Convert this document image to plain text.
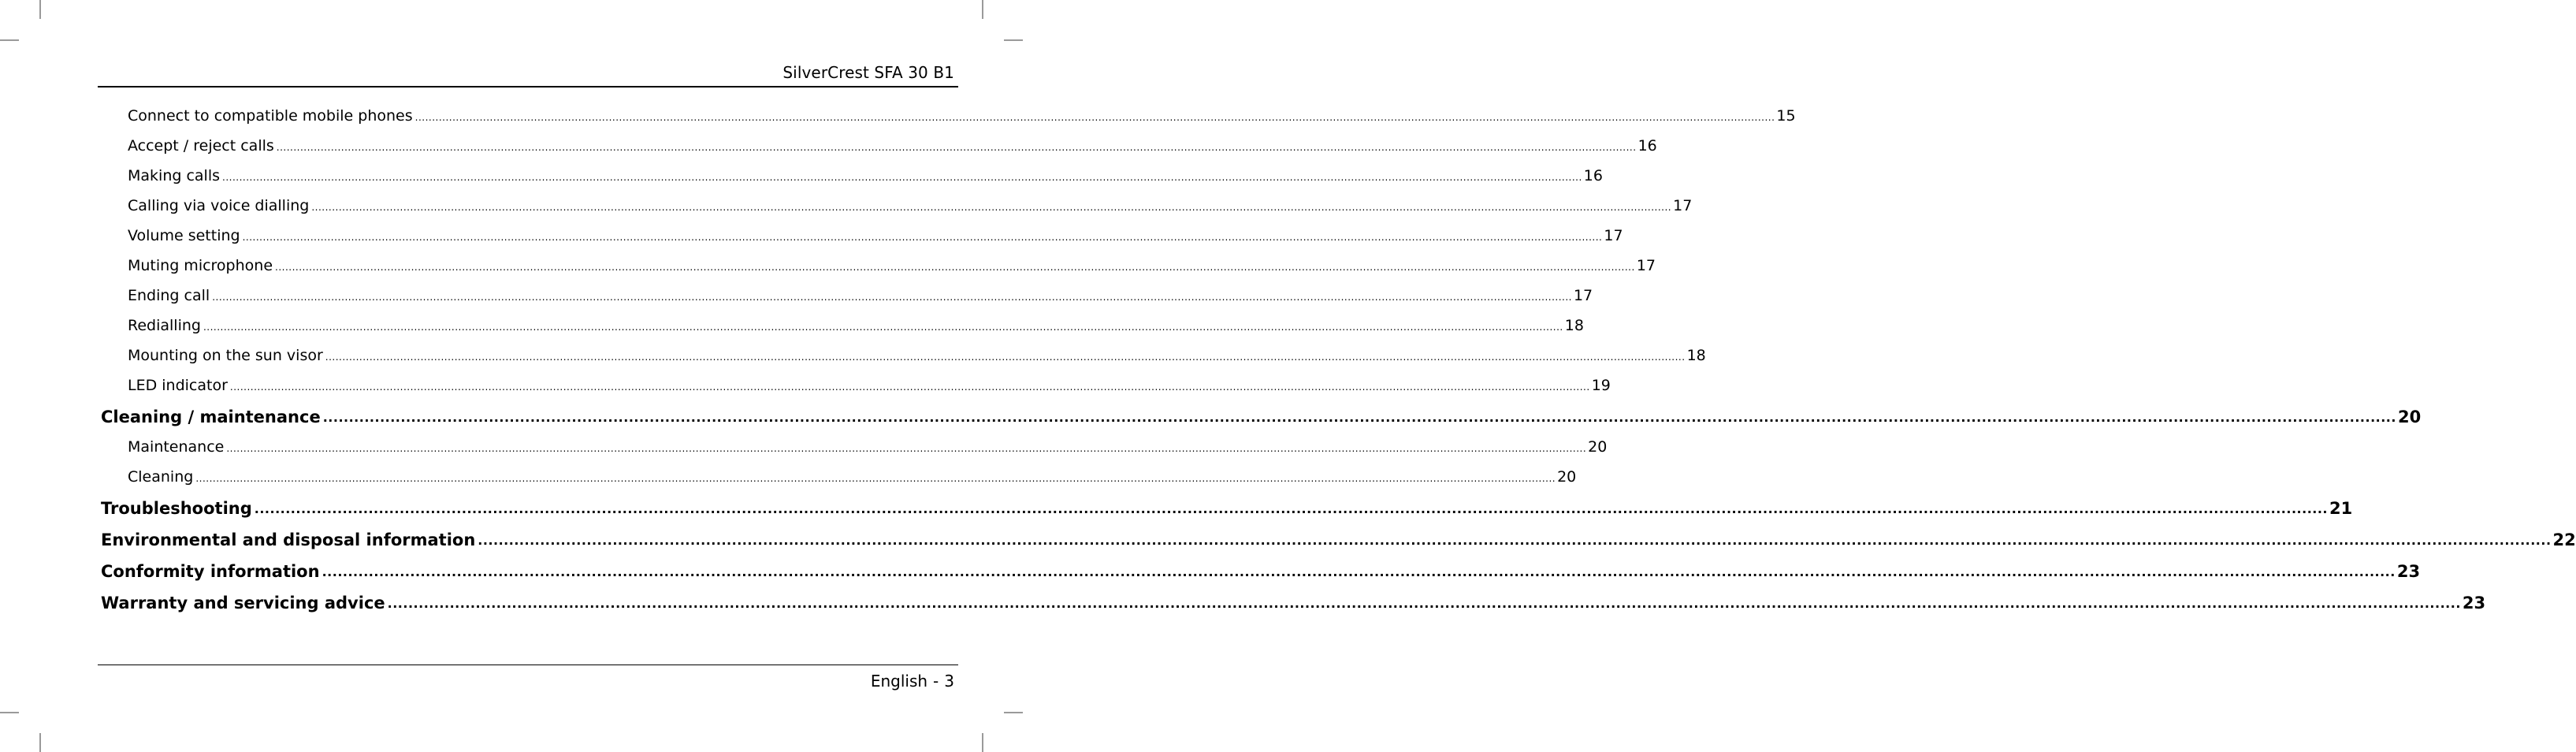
SilverCrest SFA 30 B1
Connect to compatible mobile phones ................................................................................................................................................................................................................................................................................................................................................................................................................ 15
Accept / reject calls ................................................................................................................................................................................................................................................................................................................................................................................................................ 16
Making calls ................................................................................................................................................................................................................................................................................................................................................................................................................ 16
Calling via voice dialling ................................................................................................................................................................................................................................................................................................................................................................................................................ 17
Volume setting ................................................................................................................................................................................................................................................................................................................................................................................................................ 17
Muting microphone ................................................................................................................................................................................................................................................................................................................................................................................................................ 17
Ending call ................................................................................................................................................................................................................................................................................................................................................................................................................ 17
Redialling ................................................................................................................................................................................................................................................................................................................................................................................................................ 18
Mounting on the sun visor ................................................................................................................................................................................................................................................................................................................................................................................................................ 18
LED indicator ................................................................................................................................................................................................................................................................................................................................................................................................................ 19
Cleaning / maintenance ................................................................................................................................................................................................................................................................................................................................................................................................................ 20
Maintenance ................................................................................................................................................................................................................................................................................................................................................................................................................ 20
Cleaning ................................................................................................................................................................................................................................................................................................................................................................................................................ 20
Troubleshooting ................................................................................................................................................................................................................................................................................................................................................................................................................ 21
Environmental and disposal information ................................................................................................................................................................................................................................................................................................................................................................................................................ 22
Conformity information ................................................................................................................................................................................................................................................................................................................................................................................................................ 23
Warranty and servicing advice ................................................................................................................................................................................................................................................................................................................................................................................................................ 23
English - 3
